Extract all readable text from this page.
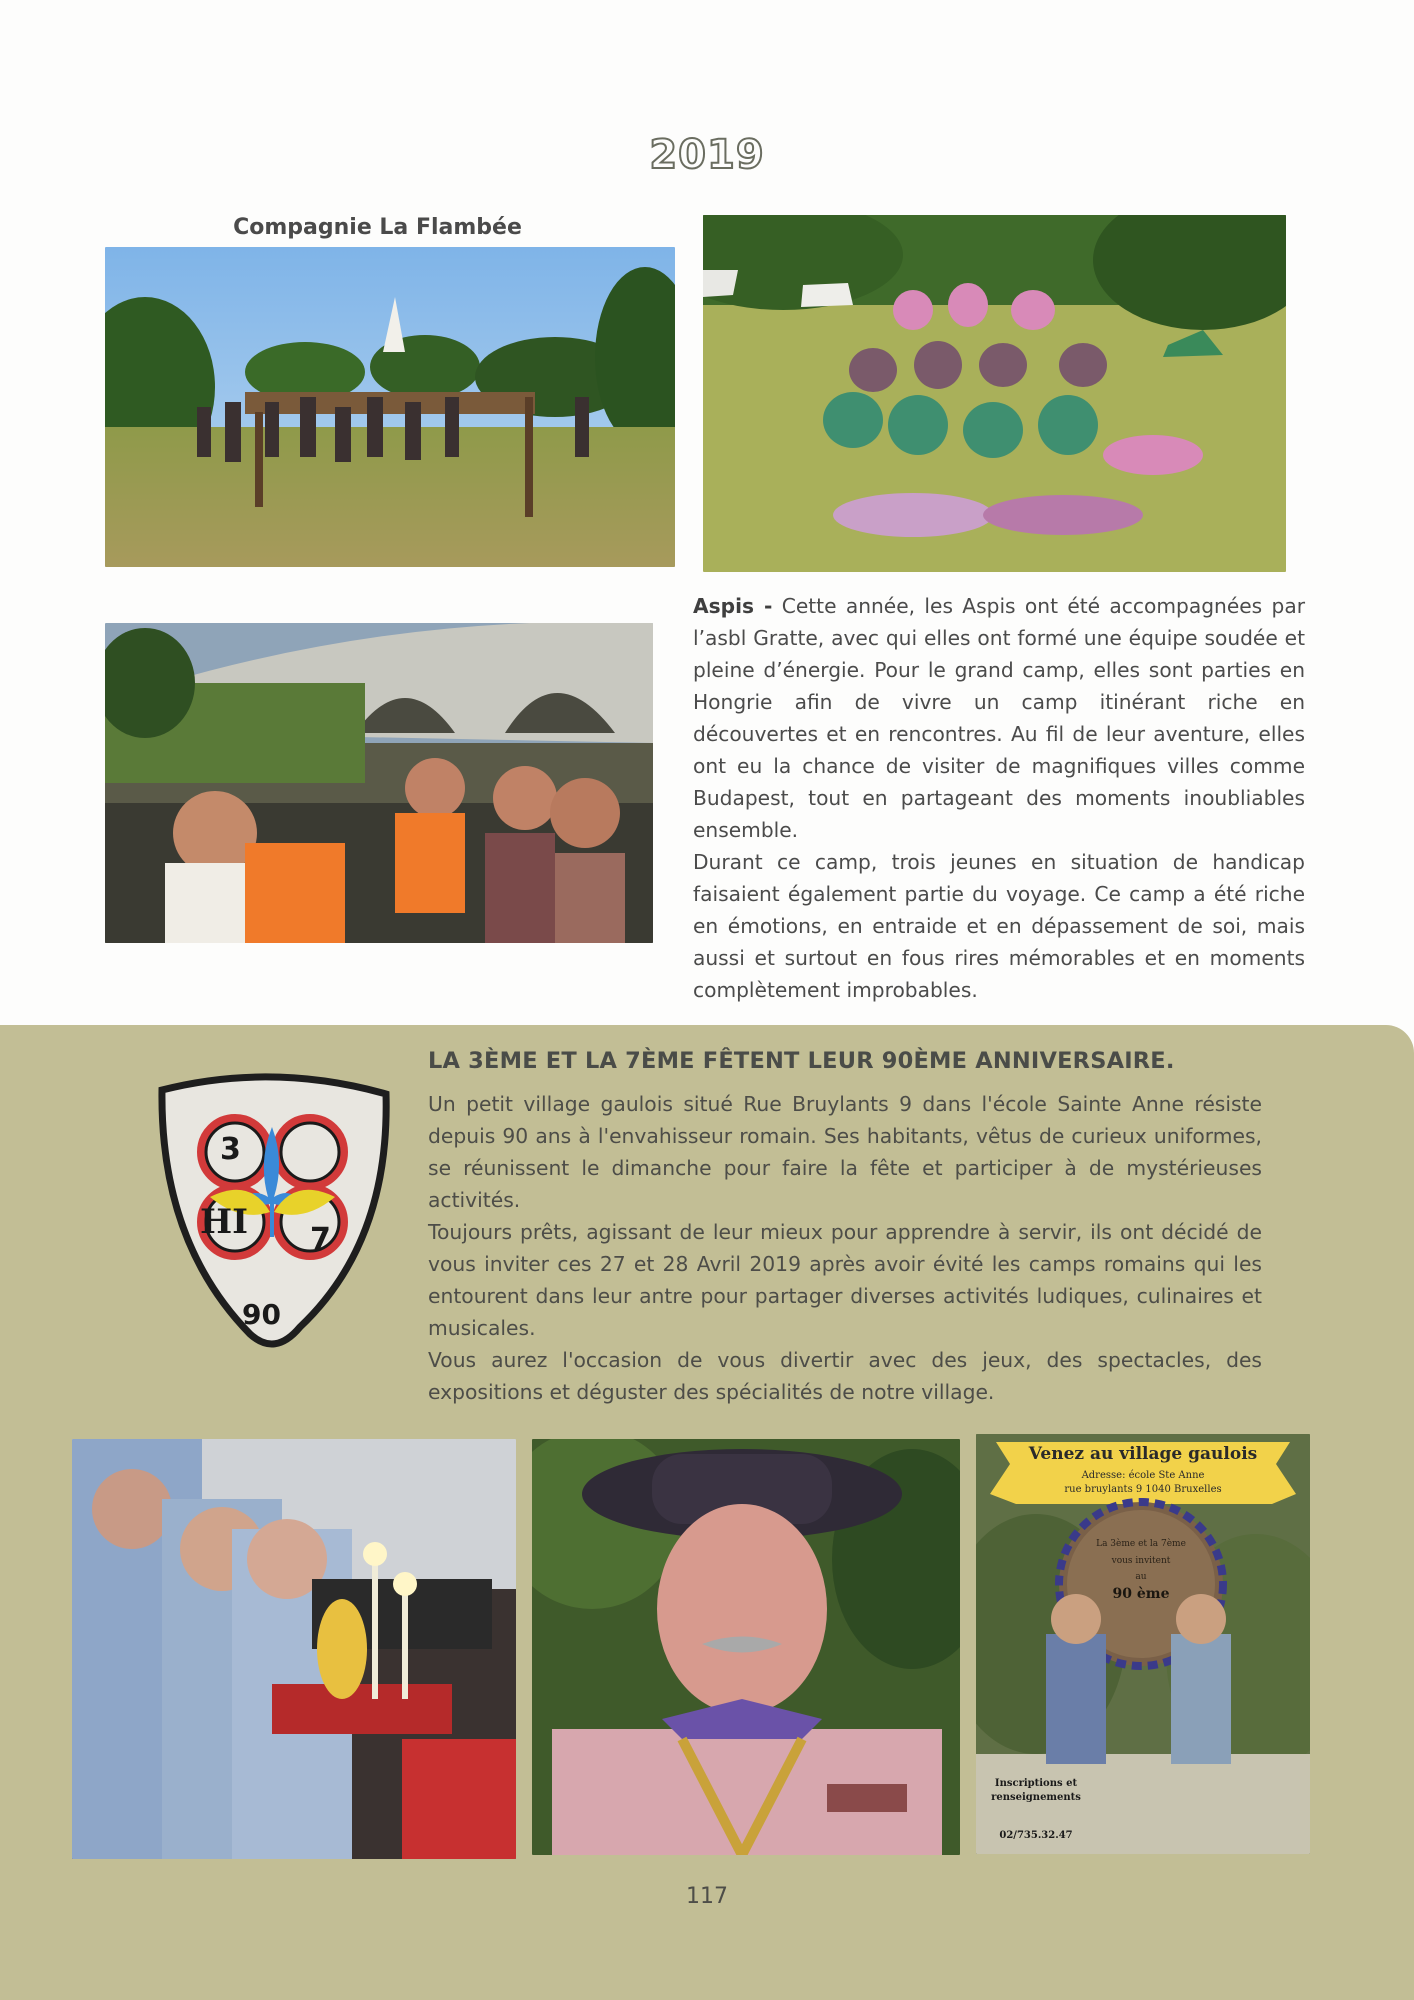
2019
Compagnie La Flambée

Aspis - Cette année, les Aspis ont été accompagnées par l’asbl Gratte, avec qui elles ont formé une équipe soudée et pleine d’énergie. Pour le grand camp, elles sont parties en Hongrie afin de vivre un camp itinérant riche en découvertes et en rencontres. Au fil de leur aventure, elles ont eu la chance de visiter de magnifiques villes comme Budapest, tout en partageant des moments inoubliables ensemble.

Durant ce camp, trois jeunes en situation de handicap faisaient également partie du voyage. Ce camp a été riche en émotions, en entraide et en dépassement de soi, mais aussi et surtout en fous rires mémorables et en moments complètement improbables.

3
HI 7
90
LA 3ÈME ET LA 7ÈME FÊTENT LEUR 90ÈME ANNIVERSAIRE.

Un petit village gaulois situé Rue Bruylants 9 dans l'école Sainte Anne résiste depuis 90 ans à l'envahisseur romain. Ses habitants, vêtus de curieux uniformes, se réunissent le dimanche pour faire la fête et participer à de mystérieuses activités.

Toujours prêts, agissant de leur mieux pour apprendre à servir, ils ont décidé de vous inviter ces 27 et 28 Avril 2019 après avoir évité les camps romains qui les entourent dans leur antre pour partager diverses activités ludiques, culinaires et musicales.

Vous aurez l'occasion de vous divertir avec des jeux, des spectacles, des expositions et déguster des spécialités de notre village.

Venez au village gaulois
Adresse: école Ste Anne
rue bruylants 9 1040 Bruxelles
La 3ème et la 7ème
vous invitent
au
90 ème
Inscriptions et
renseignements
02/735.32.47
117
